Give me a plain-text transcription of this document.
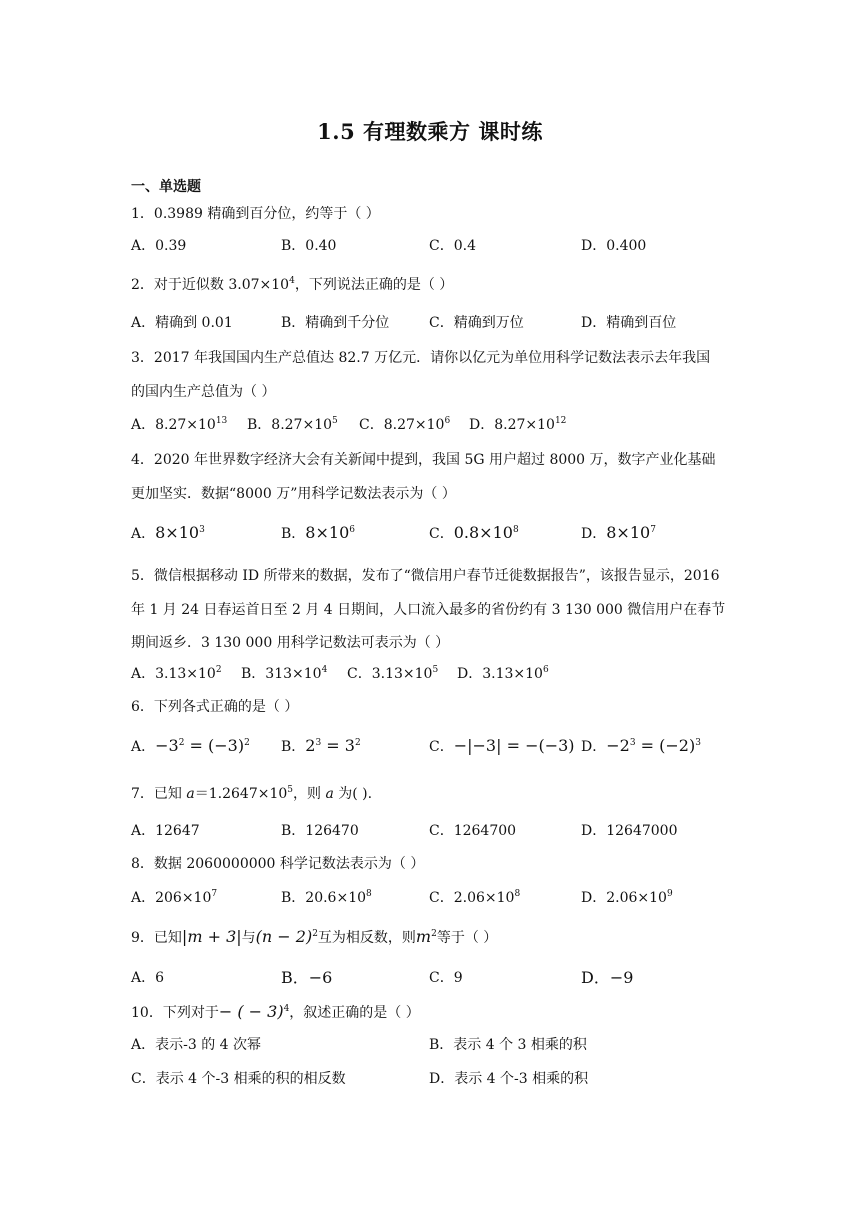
1.5 有理数乘方 课时练
一、单选题
1．0.3989 精确到百分位，约等于（ ）
A．0.39	B．0.40	C．0.4	D．0.400
2．对于近似数 $3.07\times 10^4$，下列说法正确的是（ ）
A．精确到 0.01	B．精确到千分位	C．精确到万位	D．精确到百位
3．2017 年我国国内生产总值达 82.7 万亿元．请你以亿元为单位用科学记数法表示去年我国
的国内生产总值为（ ）
A．$8.27\times 10^{13}$ B．$8.27\times 10^5$ C．$8.27\times 10^6$ D．$8.27\times 10^{12}$
4．2020 年世界数字经济大会有关新闻中提到，我国 5G 用户超过 8000 万，数字产业化基础
更加坚实．数据“8000 万”用科学记数法表示为（ ）
A．$8\times 10^3$	B．$8\times 10^6$	C．$0.8\times 10^8$	D．$8\times 10^7$
5．微信根据移动 ID 所带来的数据，发布了“微信用户春节迁徙数据报告”，该报告显示，2016
年 1 月 24 日春运首日至 2 月 4 日期间，人口流入最多的省份约有 3 130 000 微信用户在春节
期间返乡．3 130 000 用科学记数法可表示为（ ）
A．$3.13\times 10^2$ B．$313\times 10^4$ C．$3.13\times 10^5$ D．$3.13\times 10^6$
6．下列各式正确的是（ ）
A．$-3^2 = (-3)^2$ B．$2^3 = 3^2$	C．−|−3| = −(−3) D．$-2^3 = (-2)^3$
7．已知 $a=1.2647\times 10^5$，则 a 为( ).
A．12647	B．126470	C．1264700	D．12647000
8．数据 2060000000 科学记数法表示为（ ）
A．$206\times 10^7$	B．$20.6\times 10^8$	C．$2.06\times 10^8$	D．$2.06\times 10^9$
9．已知|m + 3|与$(n - 2)^2$互为相反数，则$m^2$等于（ ）
A．6	B．−6	C．9	D．−9
10．下列对于− ( − 3)$^4$，叙述正确的是（ ）
A．表示-3 的 4 次幂	B．表示 4 个 3 相乘的积
C．表示 4 个-3 相乘的积的相反数	D．表示 4 个-3 相乘的积
